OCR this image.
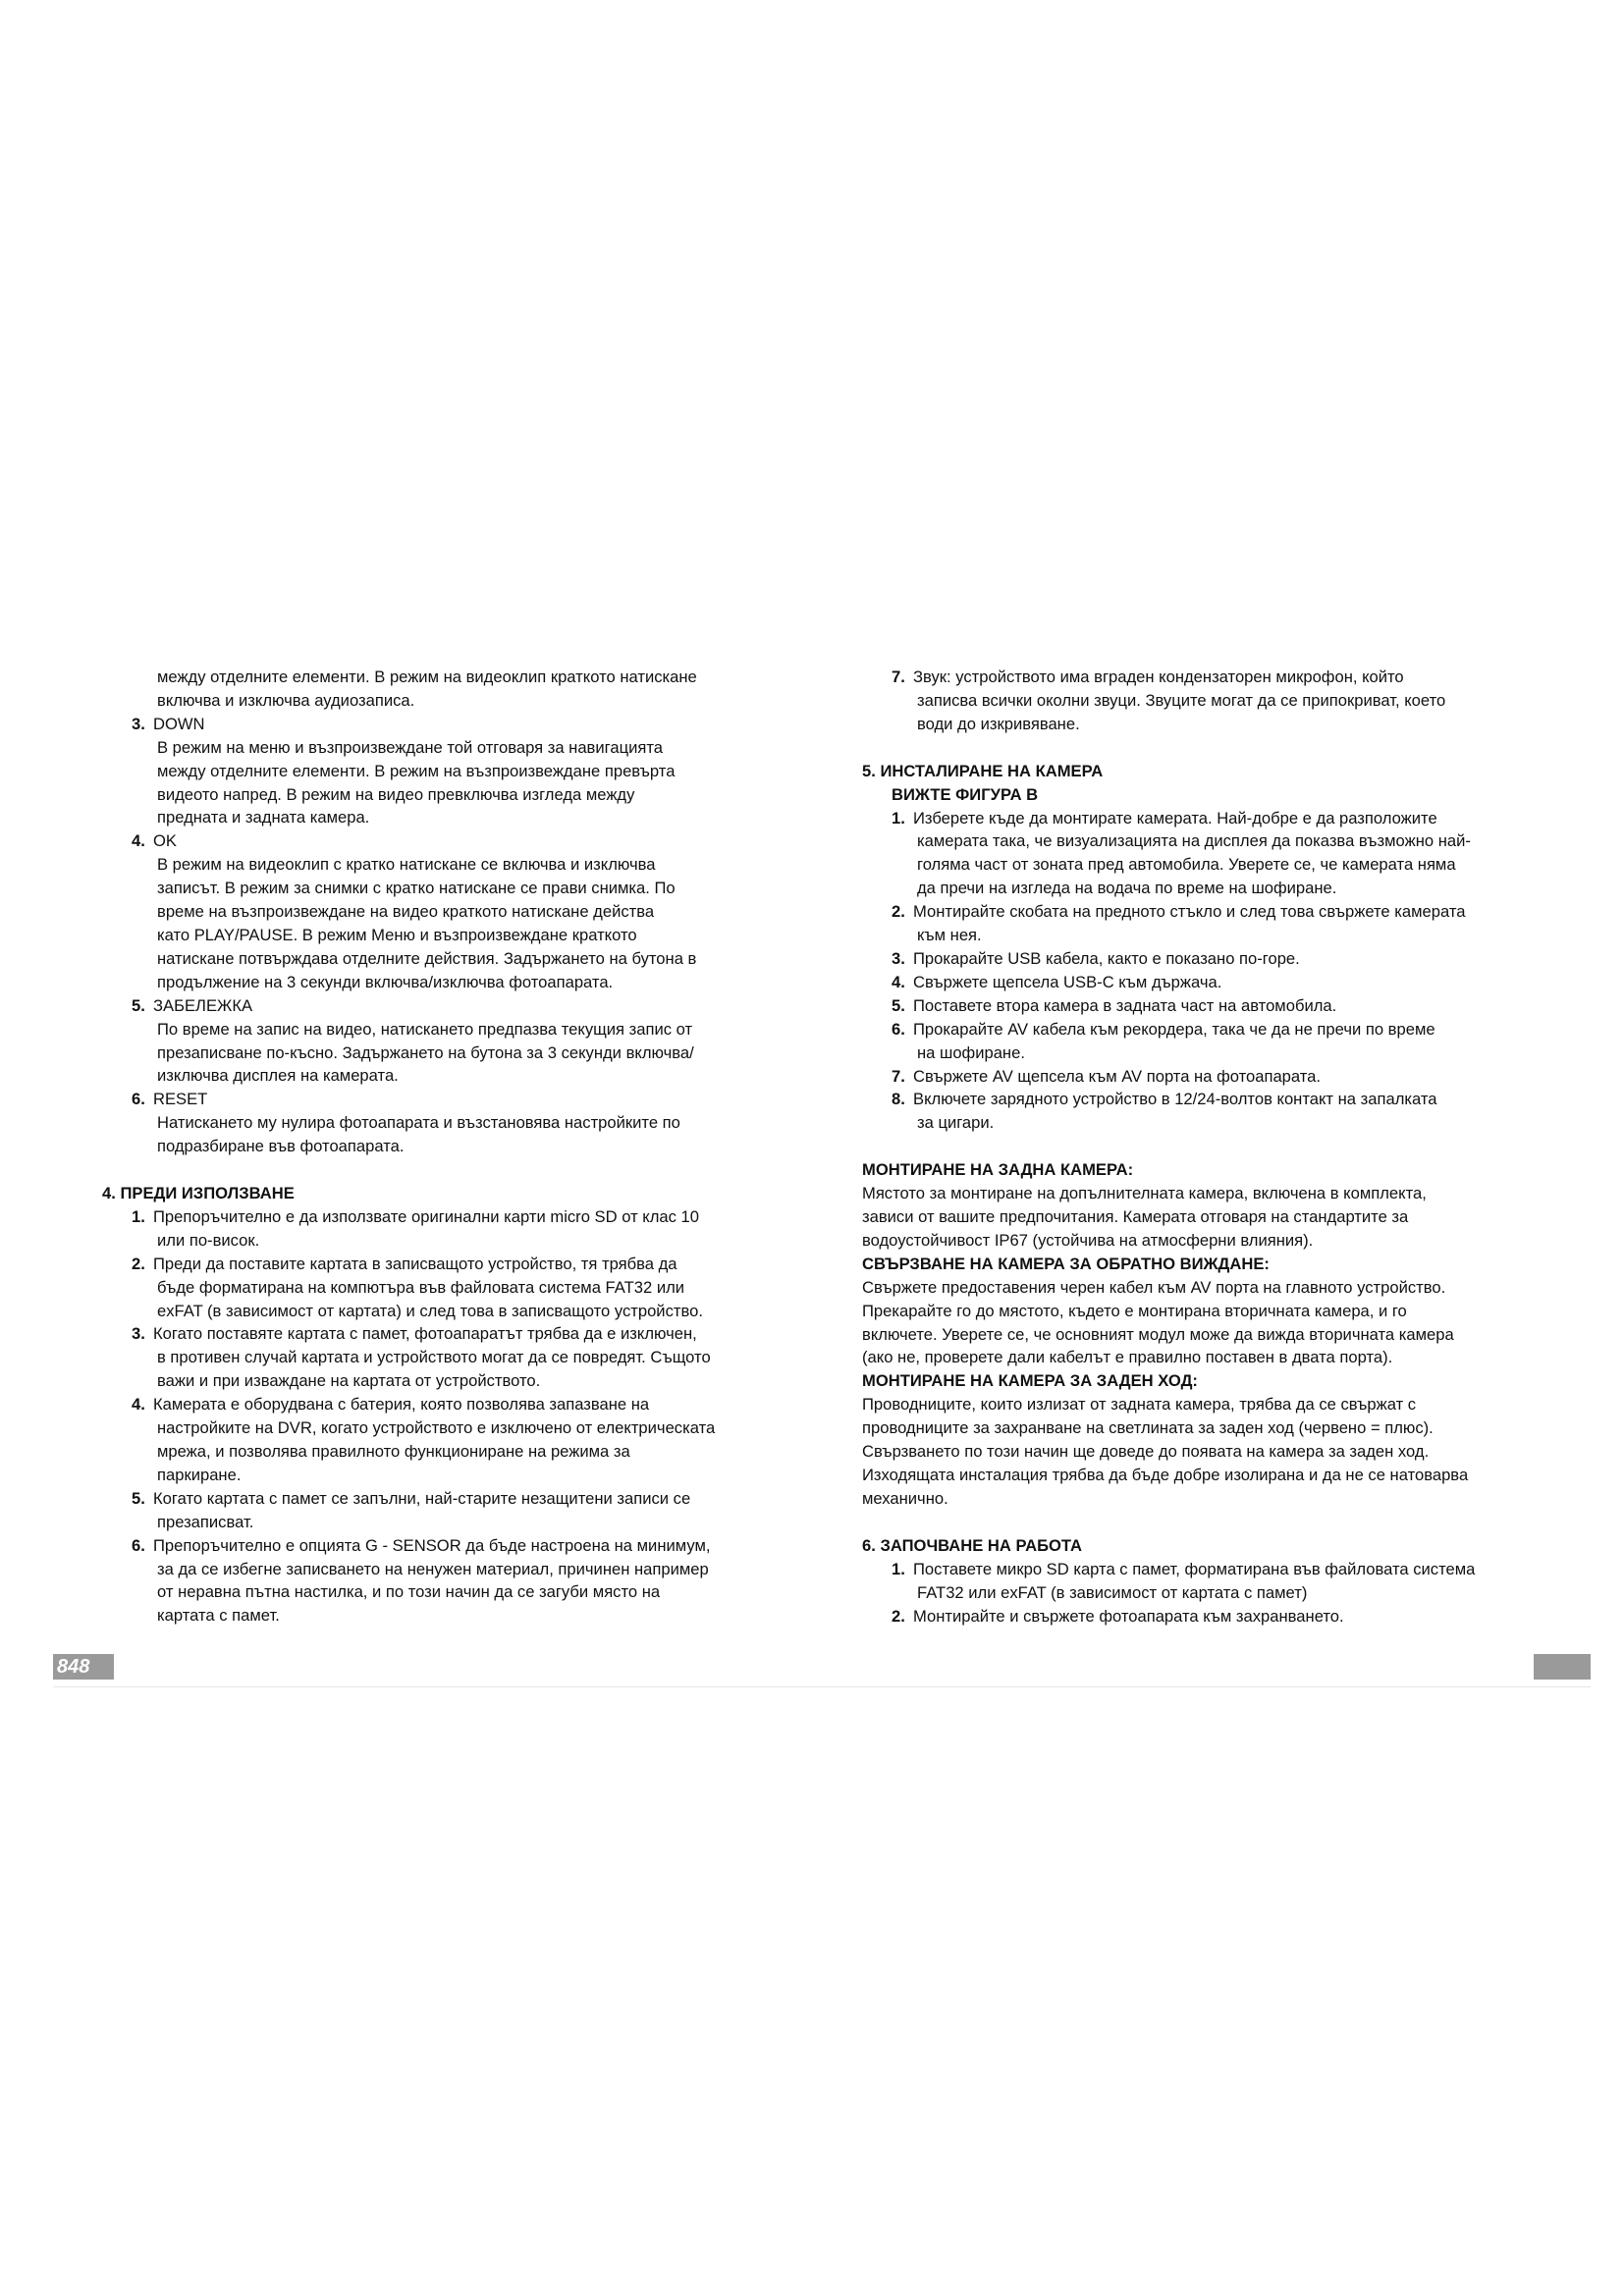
между отделните елементи. В режим на видеоклип краткото натискане
включва и изключва аудиозаписа.
3. DOWN
В режим на меню и възпроизвеждане той отговаря за навигацията
между отделните елементи. В режим на възпроизвеждане превърта
видеото напред. В режим на видео превключва изгледа между
предната и задната камера.
4. OK
В режим на видеоклип с кратко натискане се включва и изключва
записът. В режим за снимки с кратко натискане се прави снимка. По
време на възпроизвеждане на видео краткото натискане действа
като PLAY/PAUSE. В режим Меню и възпроизвеждане краткото
натискане потвърждава отделните действия. Задържането на бутона в
продължение на 3 секунди включва/изключва фотоапарата.
5. ЗАБЕЛЕЖКА
По време на запис на видео, натискането предпазва текущия запис от
презаписване по-късно. Задържането на бутона за 3 секунди включва/
изключва дисплея на камерата.
6. RESET
Натискането му нулира фотоапарата и възстановява настройките по
подразбиране във фотоапарата.
4. ПРЕДИ ИЗПОЛЗВАНЕ
1. Препоръчително е да използвате оригинални карти micro SD от клас 10
или по-висок.
2. Преди да поставите картата в записващото устройство, тя трябва да
бъде форматирана на компютъра във файловата система FAT32 или
exFAT (в зависимост от картата) и след това в записващото устройство.
3. Когато поставяте картата с памет, фотоапаратът трябва да е изключен,
в противен случай картата и устройството могат да се повредят. Същото
важи и при изваждане на картата от устройството.
4. Камерата е оборудвана с батерия, която позволява запазване на
настройките на DVR, когато устройството е изключено от електрическата
мрежа, и позволява правилното функциониране на режима за
паркиране.
5. Когато картата с памет се запълни, най-старите незащитени записи се
презаписват.
6. Препоръчително е опцията G - SENSOR да бъде настроена на минимум,
за да се избегне записването на ненужен материал, причинен например
от неравна пътна настилка, и по този начин да се загуби място на
картата с памет.
7. Звук: устройството има вграден кондензаторен микрофон, който
записва всички околни звуци. Звуците могат да се припокриват, което
води до изкривяване.
5. ИНСТАЛИРАНЕ НА КАМЕРА
ВИЖТЕ ФИГУРА B
1. Изберете къде да монтирате камерата. Най-добре е да разположите
камерата така, че визуализацията на дисплея да показва възможно най-
голяма част от зоната пред автомобила. Уверете се, че камерата няма
да пречи на изгледа на водача по време на шофиране.
2. Монтирайте скобата на предното стъкло и след това свържете камерата
към нея.
3. Прокарайте USB кабела, както е показано по-горе.
4. Свържете щепсела USB-C към държача.
5. Поставете втора камера в задната част на автомобила.
6. Прокарайте AV кабела към рекордера, така че да не пречи по време
на шофиране.
7. Свържете AV щепсела към AV порта на фотоапарата.
8. Включете зарядното устройство в 12/24-волтов контакт на запалката
за цигари.
МОНТИРАНЕ НА ЗАДНА КАМЕРА:
Мястото за монтиране на допълнителната камера, включена в комплекта,
зависи от вашите предпочитания. Камерата отговаря на стандартите за
водоустойчивост IP67 (устойчива на атмосферни влияния).
СВЪРЗВАНЕ НА КАМЕРА ЗА ОБРАТНО ВИЖДАНЕ:
Свържете предоставения черен кабел към AV порта на главното устройство.
Прекарайте го до мястото, където е монтирана вторичната камера, и го
включете. Уверете се, че основният модул може да вижда вторичната камера
(ако не, проверете дали кабелът е правилно поставен в двата порта).
МОНТИРАНЕ НА КАМЕРА ЗА ЗАДЕН ХОД:
Проводниците, които излизат от задната камера, трябва да се свържат с
проводниците за захранване на светлината за заден ход (червено = плюс).
Свързването по този начин ще доведе до появата на камера за заден ход.
Изходящата инсталация трябва да бъде добре изолирана и да не се натоварва
механично.
6. ЗАПОЧВАНЕ НА РАБОТА
1. Поставете микро SD карта с памет, форматирана във файловата система
FAT32 или exFAT (в зависимост от картата с памет)
2. Монтирайте и свържете фотоапарата към захранването.
848
